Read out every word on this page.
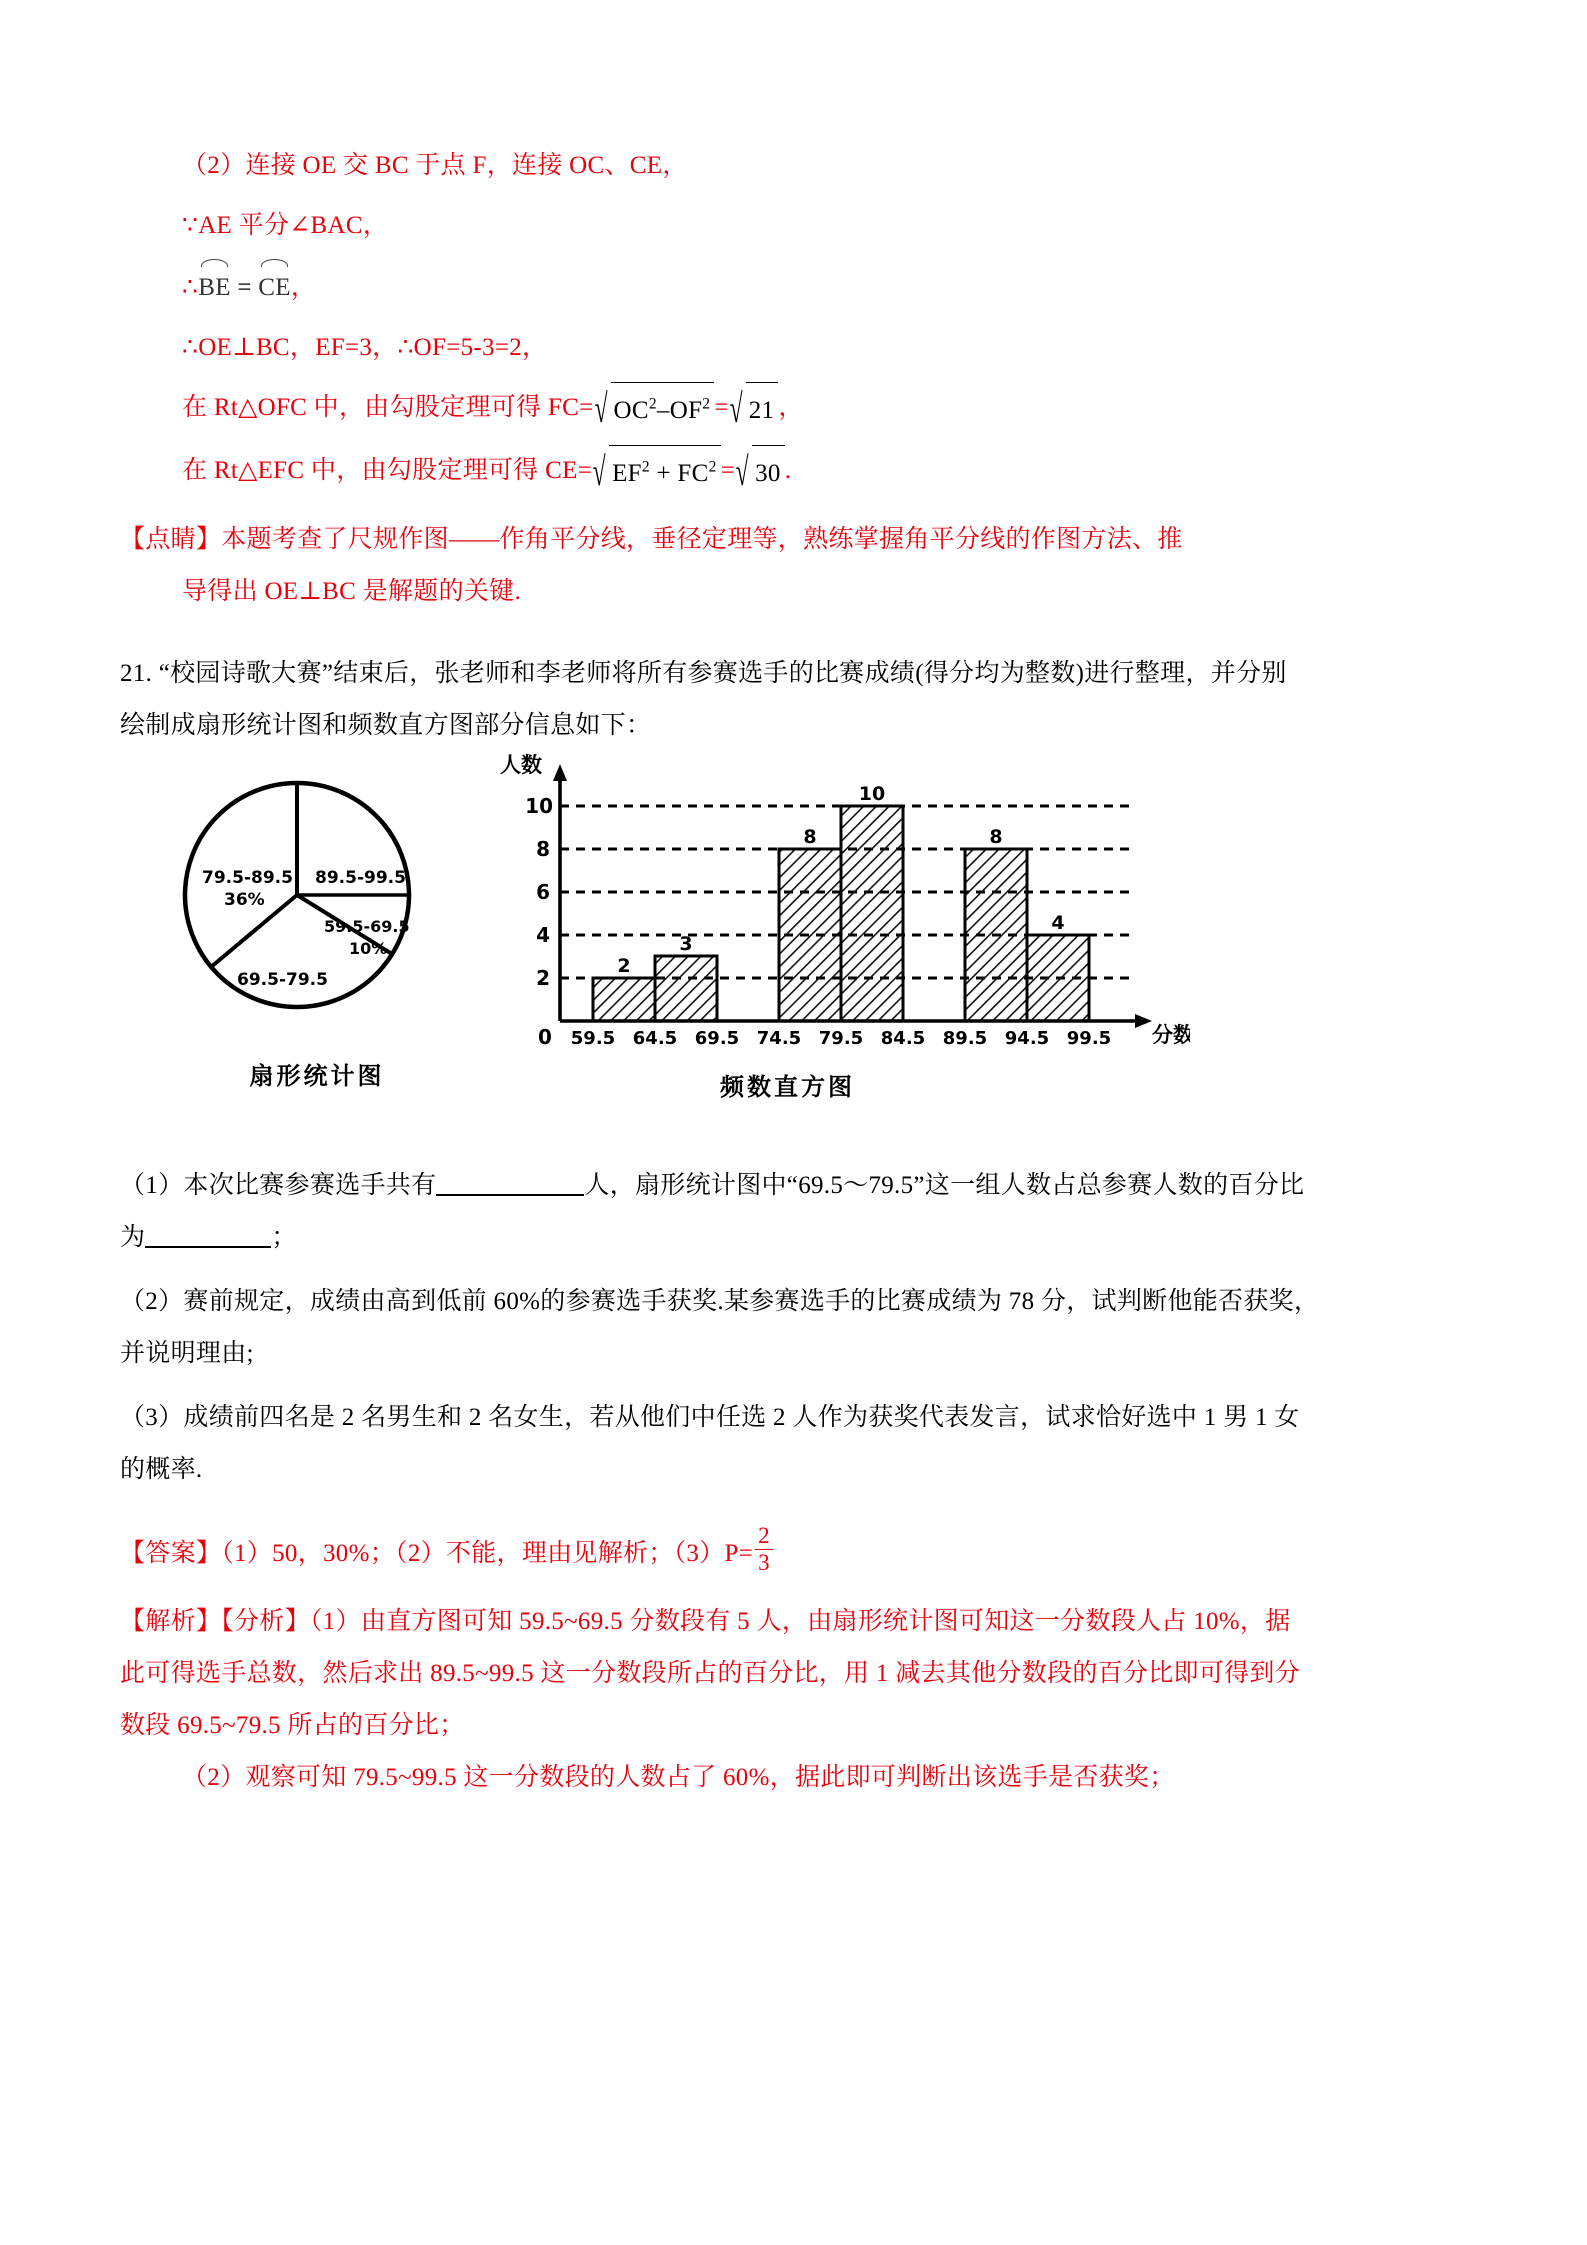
（2）连接 OE 交 BC 于点 F，连接 OC、CE，
∵AE 平分∠BAC，
∴BE = CE，
∴OE⊥BC，EF=3，∴OF=5-3=2，
在 Rt△OFC 中，由勾股定理可得 FC= √ $OC^2-OF^2$ = √ 21 ，
在 Rt△EFC 中，由勾股定理可得 CE= √ $EF^2 + FC^2$ = √ 30 .
【点睛】本题考查了尺规作图——作角平分线，垂径定理等，熟练掌握角平分线的作图方法、推
导得出 OE⊥BC 是解题的关键.
21. “校园诗歌大赛”结束后，张老师和李老师将所有参赛选手的比赛成绩(得分均为整数)进行整理，并分别
绘制成扇形统计图和频数直方图部分信息如下：
79.5-89.5
36%
89.5-99.5
59.5-69.5
10%
69.5-79.5
扇形统计图
人数
分数
0
2
4
6
8
10
2
3
8
10
8
4
59.5 64.5 69.5 74.5 79.5 84.5 89.5 94.5 99.5
频数直方图
（1）本次比赛参赛选手共有	人，扇形统计图中“69.5～79.5”这一组人数占总参赛人数的百分比
为	；
（2）赛前规定，成绩由高到低前 60%的参赛选手获奖.某参赛选手的比赛成绩为 78 分，试判断他能否获奖，
并说明理由;
（3）成绩前四名是 2 名男生和 2 名女生，若从他们中任选 2 人作为获奖代表发言，试求恰好选中 1 男 1 女
的概率.
【答案】（1）50，30%；（2）不能，理由见解析；$(3)P= \frac{2}{3}$
【解析】【分析】（1）由直方图可知 59.5~69.5 分数段有 5 人，由扇形统计图可知这一分数段人占 10%，据
此可得选手总数，然后求出 89.5~99.5 这一分数段所占的百分比，用 1 减去其他分数段的百分比即可得到分
数段 69.5~79.5 所占的百分比；
（2）观察可知 79.5~99.5 这一分数段的人数占了 60%，据此即可判断出该选手是否获奖；
